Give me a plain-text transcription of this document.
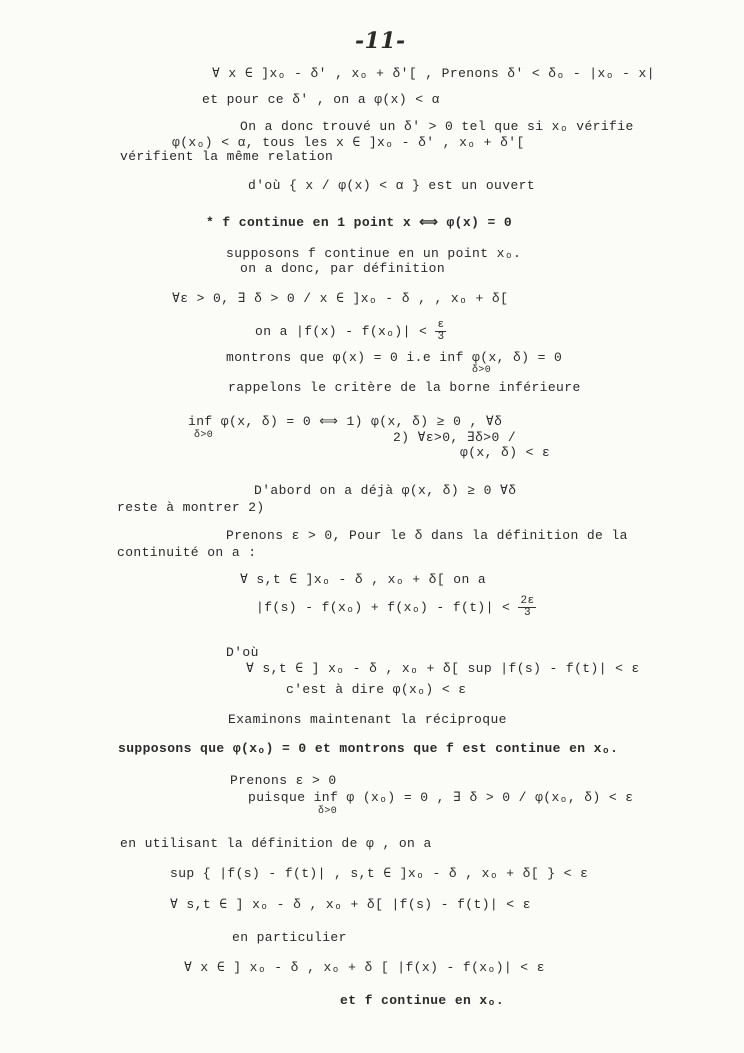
-11-
∀ x ∈ ]xₒ - δ' , xₒ + δ'[ , Prenons δ' < δₒ - |xₒ - x|
et pour ce δ' , on a φ(x) < α
On a donc trouvé un δ' > 0 tel que si xₒ vérifie
φ(xₒ) < α, tous les x ∈ ]xₒ - δ' , xₒ + δ'[
vérifient la même relation
d'où { x / φ(x) < α } est un ouvert
* f continue en 1 point x ⟺ φ(x) = 0
supposons f continue en un point xₒ.
on a donc, par définition
∀ε > 0, ∃ δ > 0 / x ∈ ]xₒ - δ , , xₒ + δ[
on a $|f(x) - f(x_o)| < \frac{\varepsilon}{3}$
montrons que φ(x) = 0 i.e inf φ(x, δ) = 0
δ>0
rappelons le critère de la borne inférieure
inf φ(x, δ) = 0 ⟺ 1) φ(x, δ) ≥ 0 , ∀δ
δ>0	2) ∀ε>0, ∃δ>0 /
φ(x, δ) < ε
D'abord on a déjà φ(x, δ) ≥ 0 ∀δ
reste à montrer 2)
Prenons ε > 0, Pour le δ dans la définition de la
continuité on a :
∀ s,t ∈ ]xₒ - δ , xₒ + δ[ on a
$|f(s) - f(x_o) + f(x_o) - f(t)| < \frac{2\varepsilon}{3}$
D'où
∀ s,t ∈ ] xₒ - δ , xₒ + δ[ sup |f(s) - f(t)| < ε
c'est à dire φ(xₒ) < ε
Examinons maintenant la réciproque
supposons que φ(xₒ) = 0 et montrons que f est continue en xₒ.
Prenons ε > 0
puisque inf φ (xₒ) = 0 , ∃ δ > 0 / φ(xₒ, δ) < ε
δ>0
en utilisant la définition de φ , on a
sup { |f(s) - f(t)| , s,t ∈ ]xₒ - δ , xₒ + δ[ } < ε
∀ s,t ∈ ] xₒ - δ , xₒ + δ[ |f(s) - f(t)| < ε
en particulier
∀ x ∈ ] xₒ - δ , xₒ + δ [ |f(x) - f(xₒ)| < ε
et f continue en xₒ.
